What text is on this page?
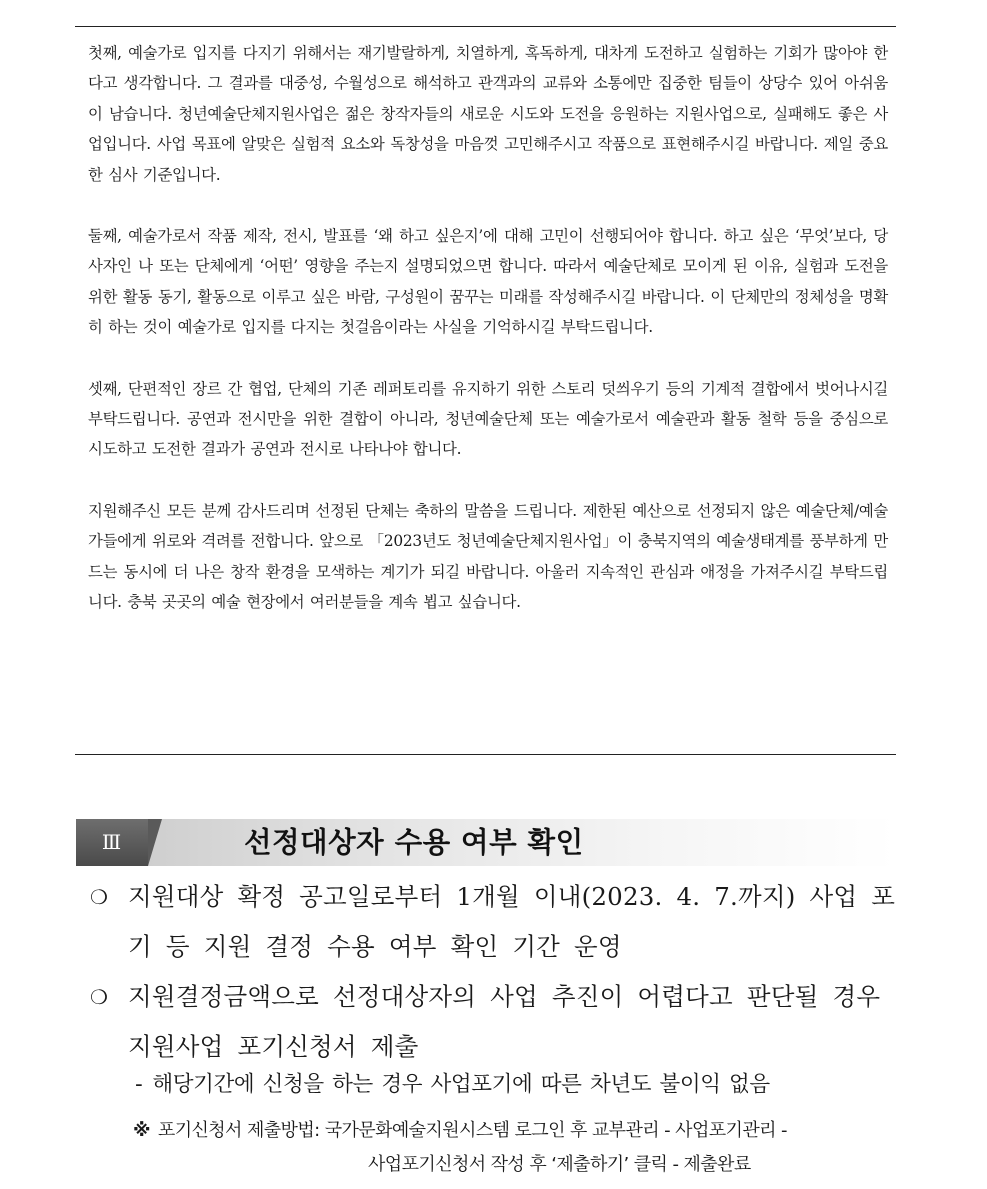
첫째, 예술가로 입지를 다지기 위해서는 재기발랄하게, 치열하게, 혹독하게, 대차게 도전하고 실험하는 기회가 많아야 한다고 생각합니다. 그 결과를 대중성, 수월성으로 해석하고 관객과의 교류와 소통에만 집중한 팀들이 상당수 있어 아쉬움이 남습니다. 청년예술단체지원사업은 젊은 창작자들의 새로운 시도와 도전을 응원하는 지원사업으로, 실패해도 좋은 사업입니다. 사업 목표에 알맞은 실험적 요소와 독창성을 마음껏 고민해주시고 작품으로 표현해주시길 바랍니다. 제일 중요한 심사 기준입니다.

둘째, 예술가로서 작품 제작, 전시, 발표를 ‘왜 하고 싶은지’에 대해 고민이 선행되어야 합니다. 하고 싶은 ‘무엇’보다, 당사자인 나 또는 단체에게 ‘어떤’ 영향을 주는지 설명되었으면 합니다. 따라서 예술단체로 모이게 된 이유, 실험과 도전을 위한 활동 동기, 활동으로 이루고 싶은 바람, 구성원이 꿈꾸는 미래를 작성해주시길 바랍니다. 이 단체만의 정체성을 명확히 하는 것이 예술가로 입지를 다지는 첫걸음이라는 사실을 기억하시길 부탁드립니다.

셋째, 단편적인 장르 간 협업, 단체의 기존 레퍼토리를 유지하기 위한 스토리 덧씌우기 등의 기계적 결합에서 벗어나시길 부탁드립니다. 공연과 전시만을 위한 결합이 아니라, 청년예술단체 또는 예술가로서 예술관과 활동 철학 등을 중심으로 시도하고 도전한 결과가 공연과 전시로 나타나야 합니다.

지원해주신 모든 분께 감사드리며 선정된 단체는 축하의 말씀을 드립니다. 제한된 예산으로 선정되지 않은 예술단체/예술가들에게 위로와 격려를 전합니다. 앞으로 「2023년도 청년예술단체지원사업」이 충북지역의 예술생태계를 풍부하게 만드는 동시에 더 나은 창작 환경을 모색하는 계기가 되길 바랍니다. 아울러 지속적인 관심과 애정을 가져주시길 부탁드립니다. 충북 곳곳의 예술 현장에서 여러분들을 계속 뵙고 싶습니다.

Ⅲ	선정대상자 수용 여부 확인

❍ 지원대상 확정 공고일로부터 1개월 이내(2023. 4. 7.까지) 사업 포기 등 지원 결정 수용 여부 확인 기간 운영

❍ 지원결정금액으로 선정대상자의 사업 추진이 어렵다고 판단될 경우 지원사업 포기신청서 제출

- 해당기간에 신청을 하는 경우 사업포기에 따른 차년도 불이익 없음
※ 포기신청서 제출방법: 국가문화예술지원시스템 로그인 후 교부관리 - 사업포기관리 -
사업포기신청서 작성 후 ‘제출하기’ 클릭 - 제출완료
